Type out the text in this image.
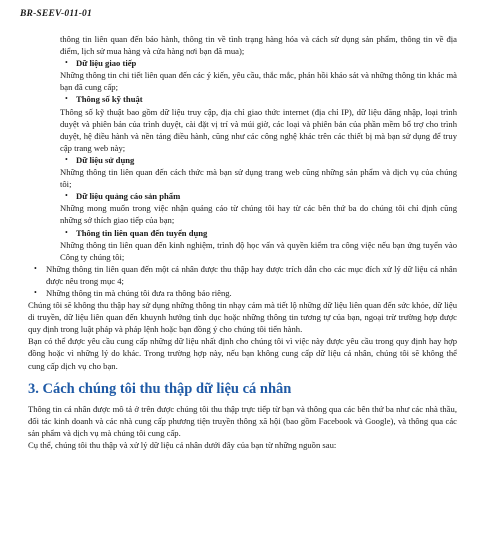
BR-SEEV-011-01

thông tin liên quan đến bảo hành, thông tin về tình trạng hàng hóa và cách sử dụng sản phẩm, thông tin về địa điểm, lịch sử mua hàng và cửa hàng nơi bạn đã mua);

• Dữ liệu giao tiếp

Những thông tin chi tiết liên quan đến các ý kiến, yêu cầu, thắc mắc, phản hồi khảo sát và những thông tin khác mà bạn đã cung cấp;

• Thông số kỹ thuật

Thông số kỹ thuật bao gồm dữ liệu truy cập, địa chỉ giao thức internet (địa chỉ IP), dữ liệu đăng nhập, loại trình duyệt và phiên bản của trình duyệt, cài đặt vị trí và múi giờ, các loại và phiên bản của phần mềm bổ trợ cho trình duyệt, hệ điều hành và nền tảng điều hành, cũng như các công nghệ khác trên các thiết bị mà bạn sử dụng để truy cập trang web này;

• Dữ liệu sử dụng

Những thông tin liên quan đến cách thức mà bạn sử dụng trang web cũng những sản phẩm và dịch vụ của chúng tôi;

• Dữ liệu quảng cáo sản phẩm

Những mong muốn trong việc nhận quảng cáo từ chúng tôi hay từ các bên thứ ba do chúng tôi chỉ định cũng những sở thích giao tiếp của bạn;

• Thông tin liên quan đến tuyển dụng

Những thông tin liên quan đến kinh nghiệm, trình độ học vấn và quyền kiểm tra công việc nếu bạn ứng tuyển vào Công ty chúng tôi;

• Những thông tin liên quan đến một cá nhân được thu thập hay được trích dẫn cho các mục đích xử lý dữ liệu cá nhân được nêu trong mục 4;

• Những thông tin mà chúng tôi đưa ra thông báo riêng.

Chúng tôi sẽ không thu thập hay sử dụng những thông tin nhạy cảm mà tiết lộ những dữ liệu liên quan đến sức khỏe, dữ liệu di truyền, dữ liệu liên quan đến khuynh hướng tình dục hoặc những thông tin tương tự của bạn, ngoại trừ trường hợp được quy định trong luật pháp và pháp lệnh hoặc bạn đồng ý cho chúng tôi tiến hành.

Bạn có thể được yêu cầu cung cấp những dữ liệu nhất định cho chúng tôi vì việc này được yêu cầu trong quy định hay hợp đồng hoặc vì những lý do khác. Trong trường hợp này, nếu bạn không cung cấp dữ liệu cá nhân, chúng tôi sẽ không thể cung cấp dịch vụ cho bạn.

3. Cách chúng tôi thu thập dữ liệu cá nhân

Thông tin cá nhân được mô tả ở trên được chúng tôi thu thập trực tiếp từ bạn và thông qua các bên thứ ba như các nhà thầu, đối tác kinh doanh và các nhà cung cấp phương tiện truyền thông xã hội (bao gồm Facebook và Google), và thông qua các sản phẩm và dịch vụ mà chúng tôi cung cấp.

Cụ thể, chúng tôi thu thập và xử lý dữ liệu cá nhân dưới đây của bạn từ những nguồn sau:
